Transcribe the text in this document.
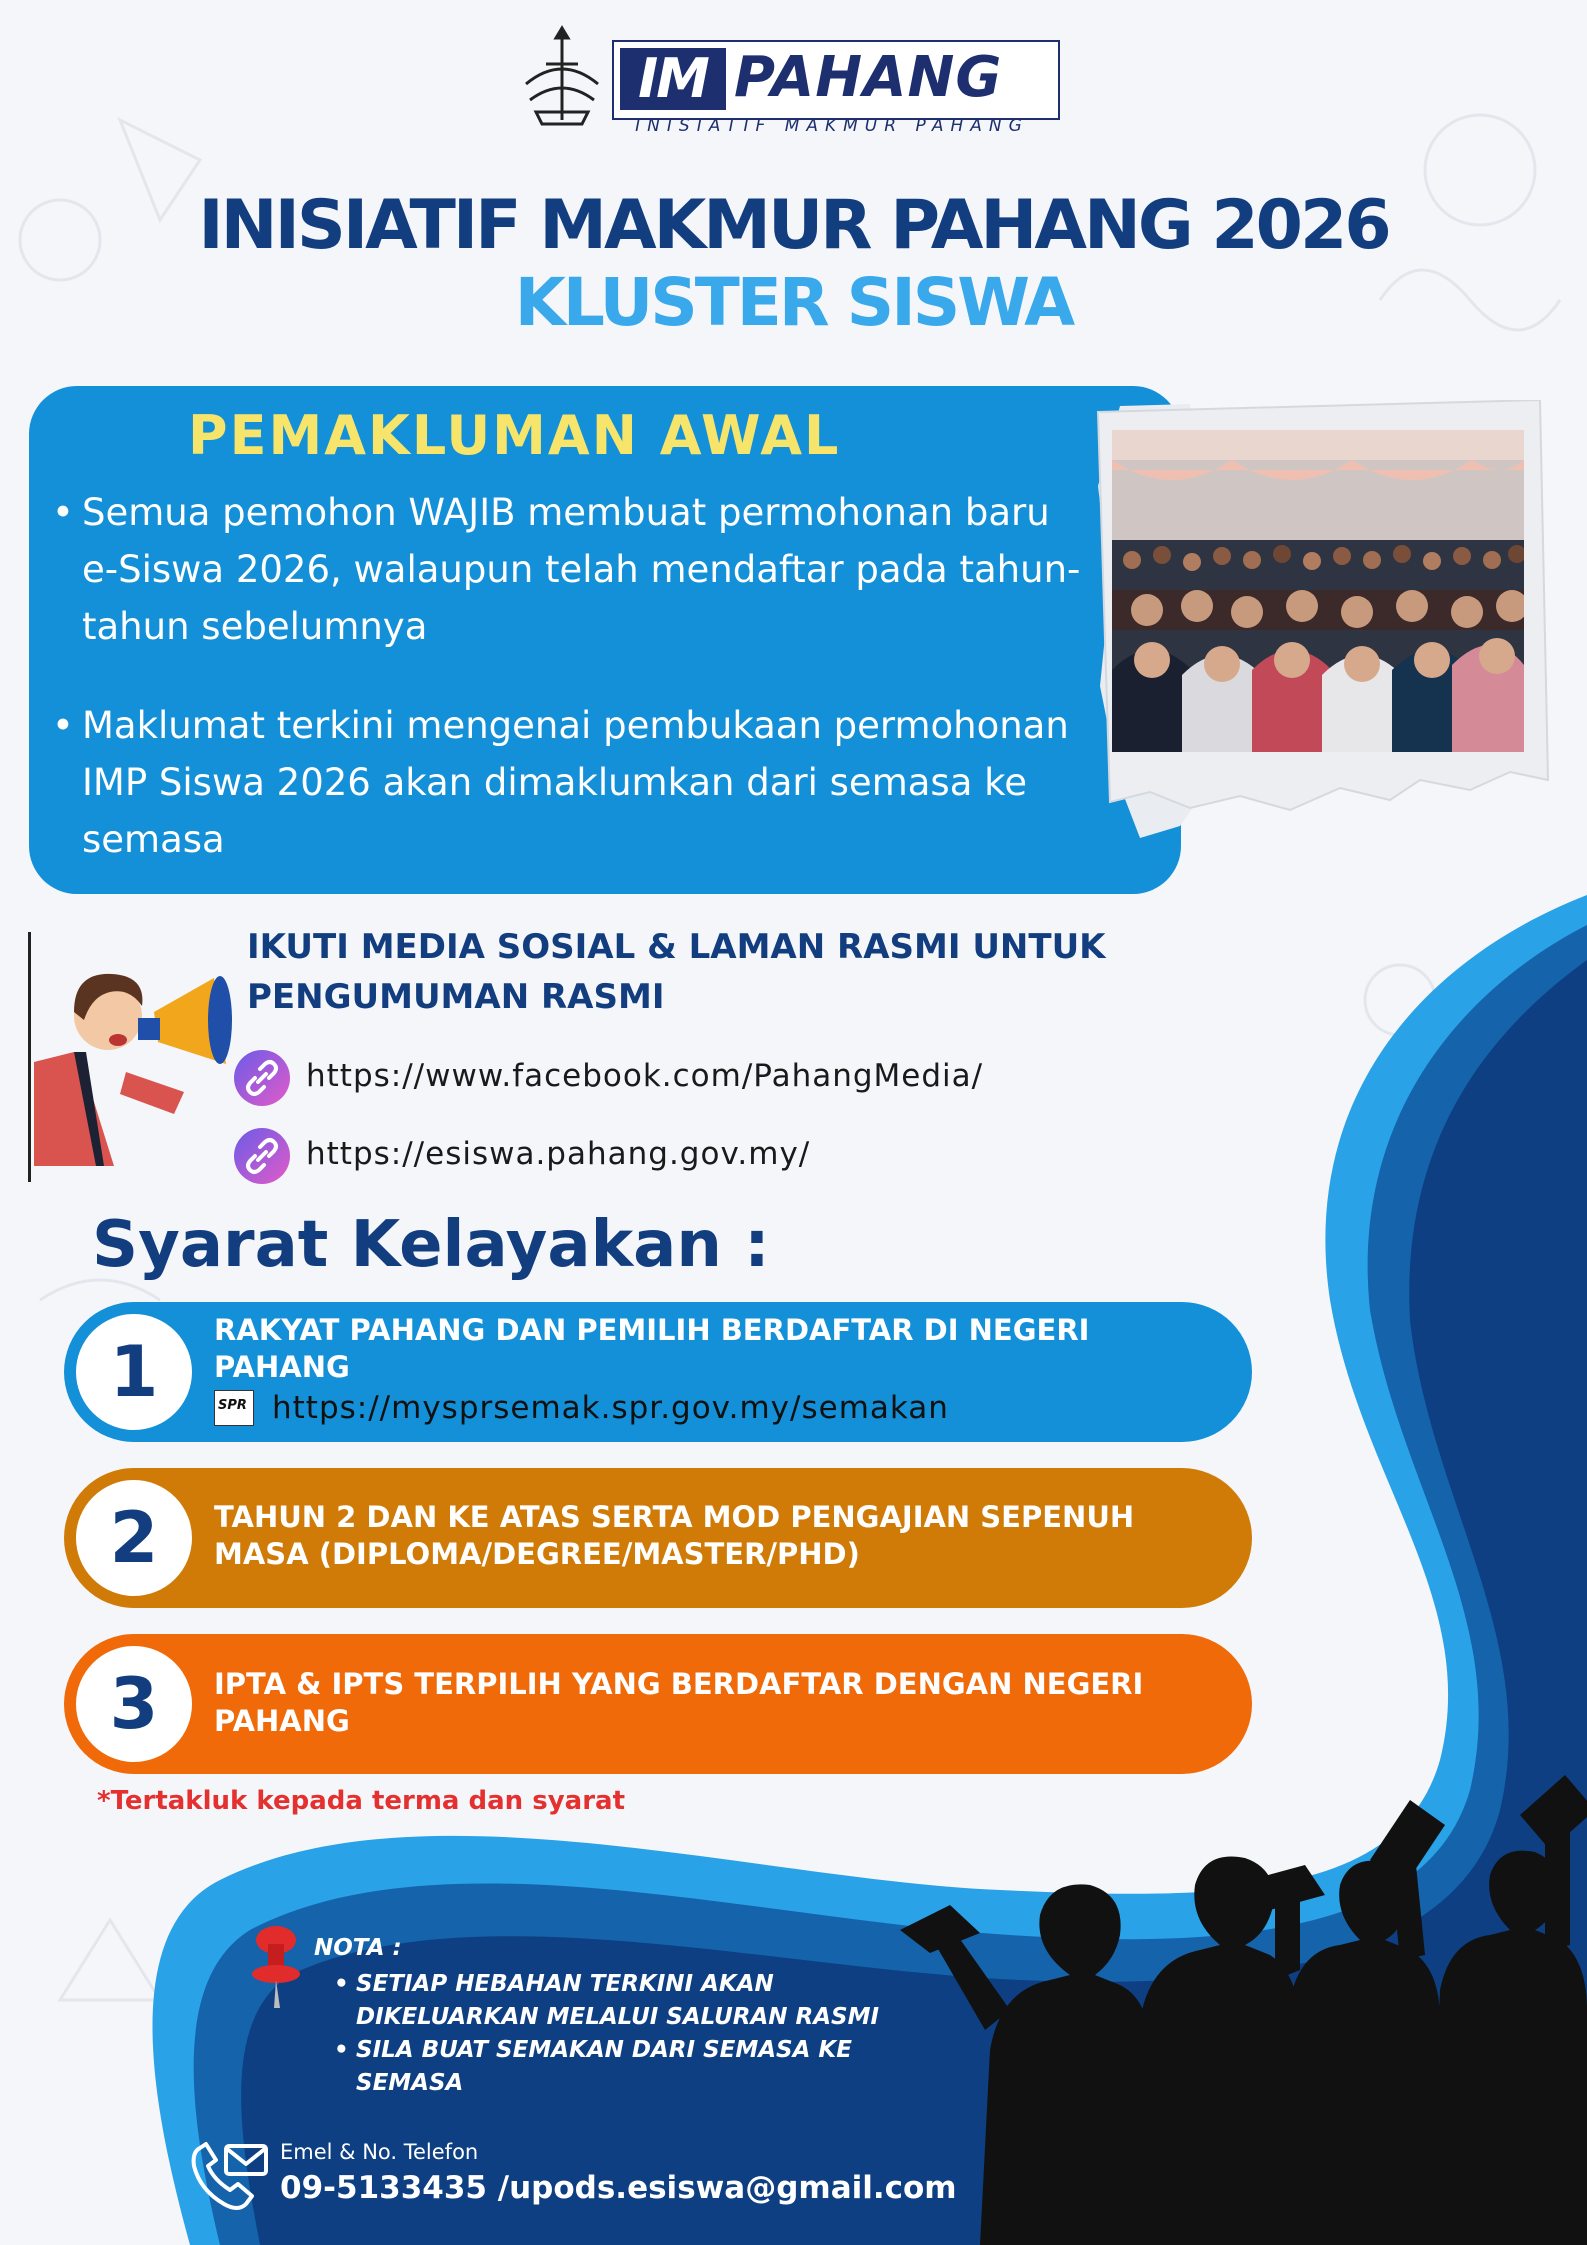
IM PAHANG
INISIATIF MAKMUR PAHANG
INISIATIF MAKMUR PAHANG 2026
KLUSTER SISWA
PEMAKLUMAN AWAL
• Semua pemohon WAJIB membuat permohonan baru e-Siswa 2026, walaupun telah mendaftar pada tahun-tahun sebelumnya
• Maklumat terkini mengenai pembukaan permohonan IMP Siswa 2026 akan dimaklumkan dari semasa ke semasa
IKUTI MEDIA SOSIAL & LAMAN RASMI UNTUK PENGUMUMAN RASMI
https://www.facebook.com/PahangMedia/
https://esiswa.pahang.gov.my/
Syarat Kelayakan :
1
RAKYAT PAHANG DAN PEMILIH BERDAFTAR DI NEGERI PAHANG
SPR https://mysprsemak.spr.gov.my/semakan
2	TAHUN 2 DAN KE ATAS SERTA MOD PENGAJIAN SEPENUH MASA (DIPLOMA/DEGREE/MASTER/PHD)
3	IPTA & IPTS TERPILIH YANG BERDAFTAR DENGAN NEGERI PAHANG
*Tertakluk kepada terma dan syarat
NOTA :
• SETIAP HEBAHAN TERKINI AKAN DIKELUARKAN MELALUI SALURAN RASMI
• SILA BUAT SEMAKAN DARI SEMASA KE SEMASA
Emel & No. Telefon
09-5133435 /upods.esiswa@gmail.com
